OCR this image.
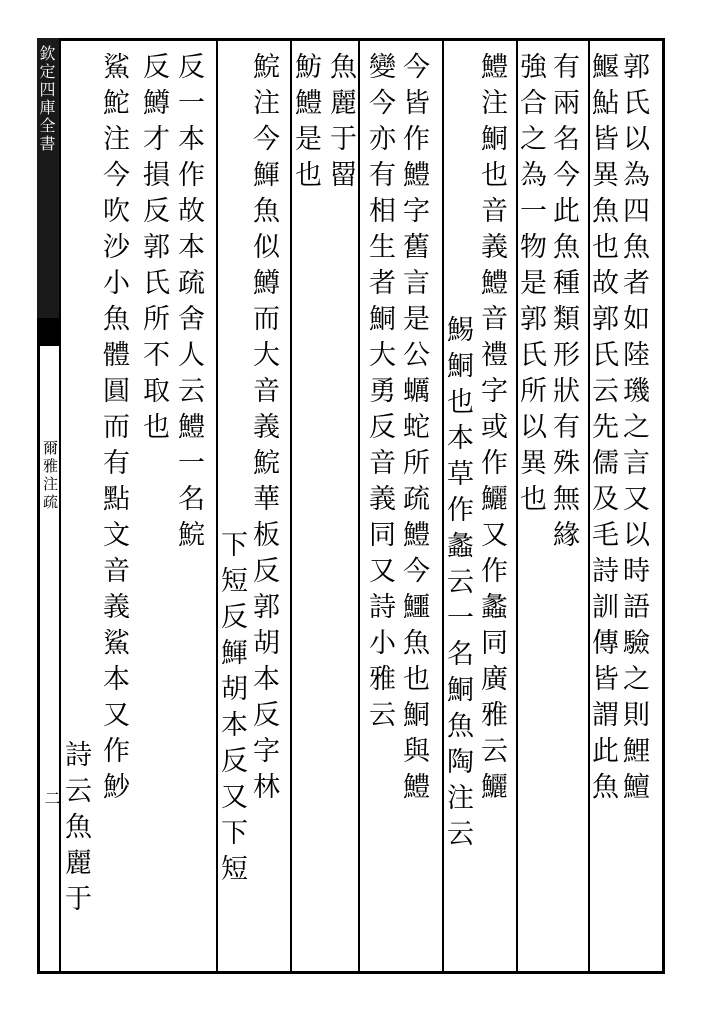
欽定四庫全書
爾雅注疏
二	郭氏以為四魚者如陸璣之言又以時語驗之則鯉鱣
鰋鮎皆異魚也故郭氏云先儒及毛詩訓傳皆謂此魚
有兩名今此魚種類形狀有殊無緣
強合之為一物是郭氏所以異也
鱧注鮦也音義鱧音禮字或作鱺又作蠡同廣雅云鱺
鯣鮦也本草作蠡云一名鮦魚陶注云
今皆作鱧字舊言是公蠣蛇所疏鱧今鱷魚也鮦與鱧
變今亦有相生者鮦大勇反音義同又詩小雅云
魚麗于罶
魴鱧是也
鯇注今鯶魚似鱒而大音義鯇華板反郭胡本反字林
下短反鯶胡本反又下短
反一本作故本疏舍人云鱧一名鯇
反鱒才損反郭氏所不取也
鯊鮀注今吹沙小魚體圓而有點文音義鯊本又作魦
詩云魚麗于
